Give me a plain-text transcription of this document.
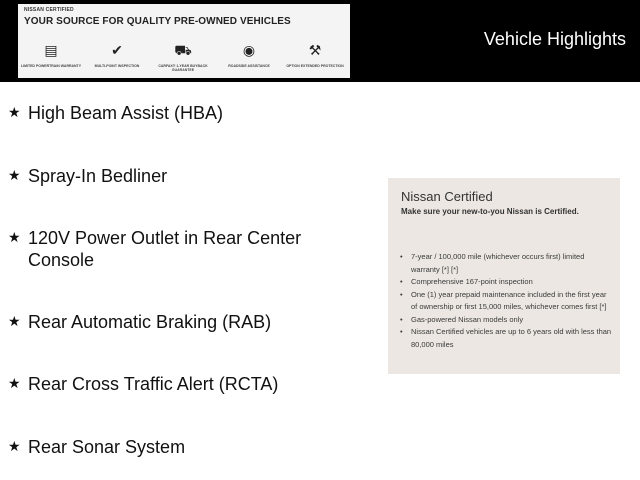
NISSAN CERTIFIED
YOUR SOURCE FOR QUALITY PRE-OWNED VEHICLES
▤
LIMITED POWERTRAIN WARRANTY
✔
MULTI-POINT INSPECTION
⛟
CARFAX® 1-YEAR BUYBACK GUARANTEE
◉
ROADSIDE ASSISTANCE
⚒
OPTION EXTENDED PROTECTION
Vehicle Highlights
★ High Beam Assist (HBA)
★ Spray-In Bedliner
★ 120V Power Outlet in Rear Center Console
★ Rear Automatic Braking (RAB)
★ Rear Cross Traffic Alert (RCTA)
★ Rear Sonar System
Nissan Certified
Make sure your new-to-you Nissan is Certified.
• 7-year / 100,000 mile (whichever occurs first) limited warranty [*] [*]
• Comprehensive 167-point inspection
• One (1) year prepaid maintenance included in the first year of ownership or first 15,000 miles, whichever comes first [*]
• Gas-powered Nissan models only
• Nissan Certified vehicles are up to 6 years old with less than 80,000 miles
